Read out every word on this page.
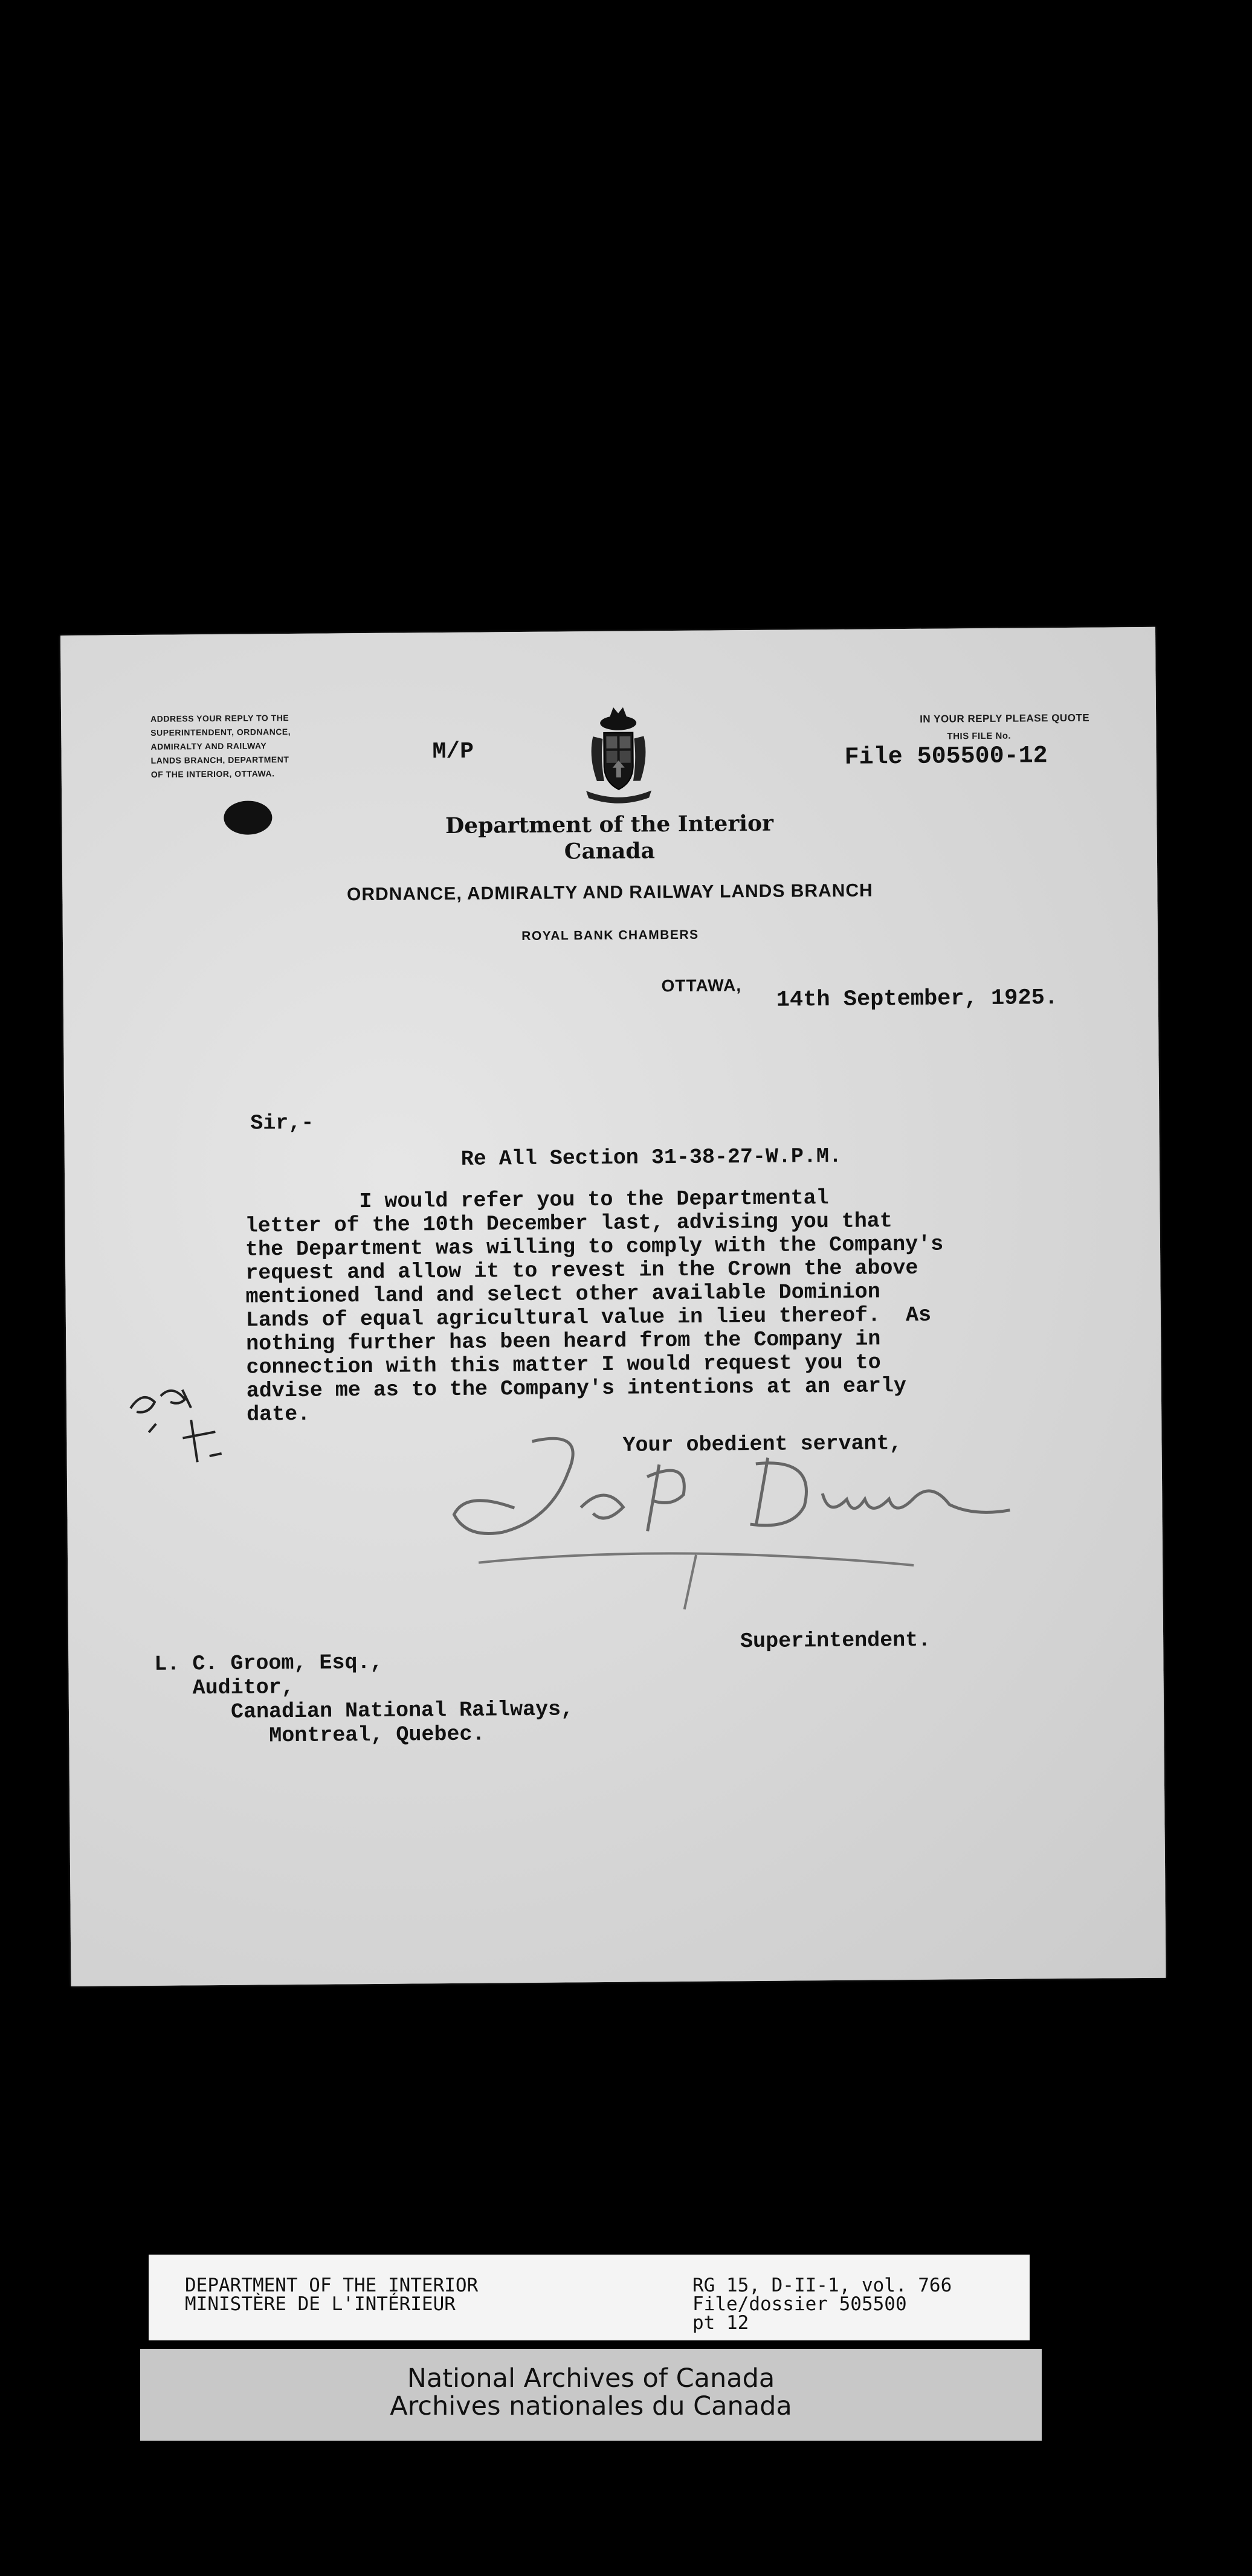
ADDRESS YOUR REPLY TO THE
SUPERINTENDENT, ORDNANCE,
ADMIRALTY AND RAILWAY
LANDS BRANCH, DEPARTMENT
OF THE INTERIOR, OTTAWA.
M/P
IN YOUR REPLY PLEASE QUOTE
THIS FILE No.
File 505500-12
Department of the Interior
Canada
ORDNANCE, ADMIRALTY AND RAILWAY LANDS BRANCH
ROYAL BANK CHAMBERS
OTTAWA, 14th September, 1925.
Sir,-
Re All Section 31-38-27-W.P.M.
I would refer you to the Departmental
letter of the 10th December last, advising you that
the Department was willing to comply with the Company's
request and allow it to revest in the Crown the above
mentioned land and select other available Dominion
Lands of equal agricultural value in lieu thereof.  As
nothing further has been heard from the Company in
connection with this matter I would request you to
advise me as to the Company's intentions at an early
date.
Your obedient servant,
Superintendent.
L. C. Groom, Esq.,
Auditor,
Canadian National Railways,
Montreal, Quebec.
DEPARTMENT OF THE INTERIOR
MINISTÈRE DE L'INTÉRIEUR
RG 15, D-II-1, vol. 766
File/dossier 505500
pt 12
National Archives of Canada
Archives nationales du Canada
